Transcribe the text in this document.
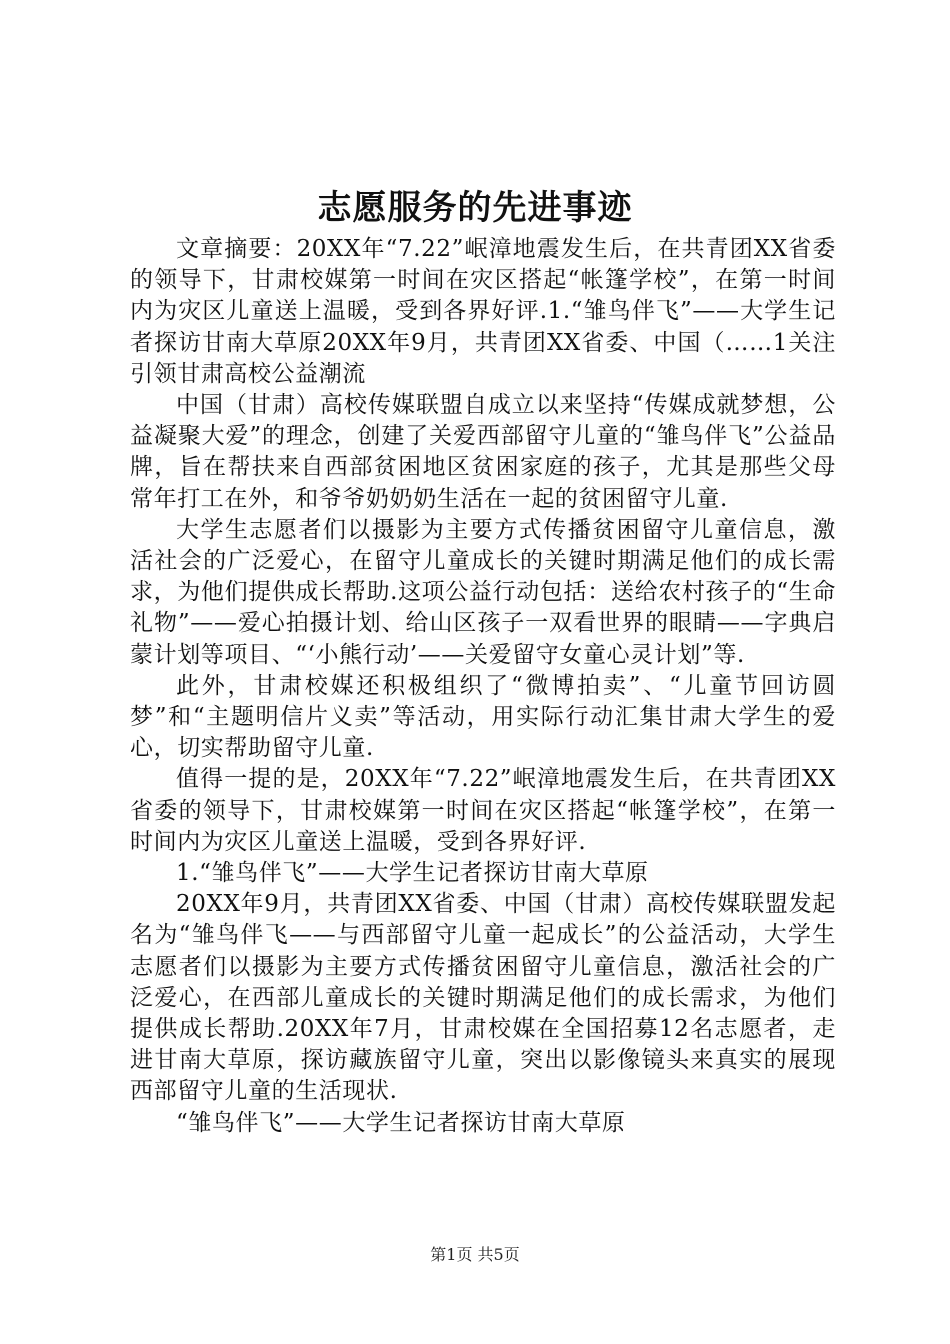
志愿服务的先进事迹

文章摘要：20XX年“7.22”岷漳地震发生后，在共青团XX省委的领导下，甘肃校媒第一时间在灾区搭起“帐篷学校”，在第一时间内为灾区儿童送上温暖，受到各界好评.1.“雏鸟伴飞”——大学生记者探访甘南大草原20XX年9月，共青团XX省委、中国（……1关注引领甘肃高校公益潮流

中国（甘肃）高校传媒联盟自成立以来坚持“传媒成就梦想，公益凝聚大爱”的理念，创建了关爱西部留守儿童的“雏鸟伴飞”公益品牌，旨在帮扶来自西部贫困地区贫困家庭的孩子，尤其是那些父母常年打工在外，和爷爷奶奶奶生活在一起的贫困留守儿童.

大学生志愿者们以摄影为主要方式传播贫困留守儿童信息，激活社会的广泛爱心，在留守儿童成长的关键时期满足他们的成长需求，为他们提供成长帮助.这项公益行动包括：送给农村孩子的“生命礼物”——爱心拍摄计划、给山区孩子一双看世界的眼睛——字典启蒙计划等项目、“‘小熊行动’——关爱留守女童心灵计划”等.

此外，甘肃校媒还积极组织了“微博拍卖”、“儿童节回访圆梦”和“主题明信片义卖”等活动，用实际行动汇集甘肃大学生的爱心，切实帮助留守儿童.

值得一提的是，20XX年“7.22”岷漳地震发生后，在共青团XX省委的领导下，甘肃校媒第一时间在灾区搭起“帐篷学校”，在第一时间内为灾区儿童送上温暖，受到各界好评.

1.“雏鸟伴飞”——大学生记者探访甘南大草原

20XX年9月，共青团XX省委、中国（甘肃）高校传媒联盟发起名为“雏鸟伴飞——与西部留守儿童一起成长”的公益活动，大学生志愿者们以摄影为主要方式传播贫困留守儿童信息，激活社会的广泛爱心，在西部儿童成长的关键时期满足他们的成长需求，为他们提供成长帮助.20XX年7月，甘肃校媒在全国招募12名志愿者，走进甘南大草原，探访藏族留守儿童，突出以影像镜头来真实的展现西部留守儿童的生活现状.

“雏鸟伴飞”——大学生记者探访甘南大草原

第1页 共5页
